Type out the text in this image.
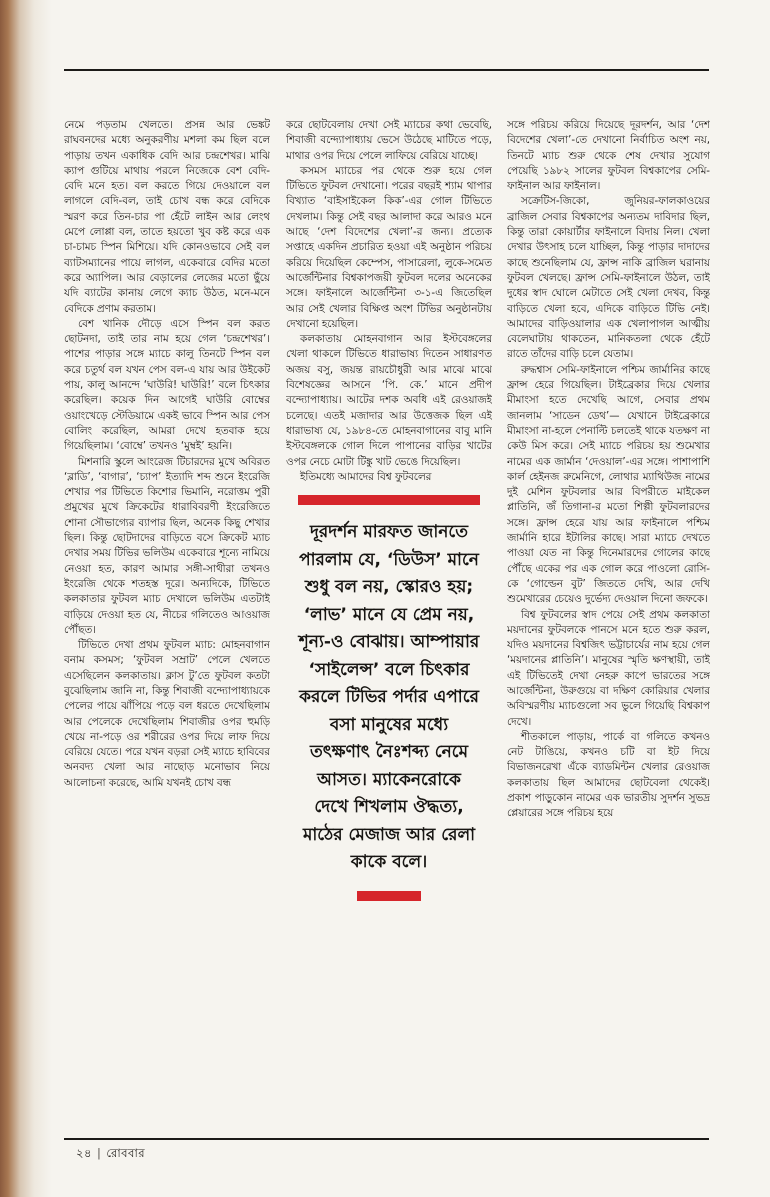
নেমে পড়তাম খেলতে। প্রসন্ন আর ভেঙ্কট রাঘবনদের মধ্যে অনুকরণীয় মশলা কম ছিল বলে পাড়ায় তখন একাধিক বেদি আর চন্দ্রশেখর। মাঝি ক্যাপ গুটিয়ে মাথায় পরলে নিজেকে বেশ বেদি-বেদি মনে হত। বল করতে গিয়ে দেওয়ালে বল লাগলে বেদি-বল, তাই চোখ বন্ধ করে বেদিকে স্মরণ করে তিন-চার পা হেঁটে লাইন আর লেংথ মেপে লোপ্পা বল, তাতে হয়তো খুব কষ্ট করে এক চা-চামচ স্পিন মিশিয়ে। যদি কোনওভাবে সেই বল ব্যাটসম্যানের পায়ে লাগল, একেবারে বেদির মতো করে অ্যাপিল। আর বেড়ালের লেজের মতো ছুঁয়ে যদি ব্যাটের কানায় লেগে ক্যাচ উঠত, মনে-মনে বেদিকে প্রণাম করতাম।

বেশ খানিক দৌড়ে এসে স্পিন বল করত ছোটনদা, তাই তার নাম হয়ে গেল ‘চন্দ্রশেখর’। পাশের পাড়ার সঙ্গে ম্যাচে কালু তিনটে স্পিন বল করে চতুর্থ বল যখন পেস বল-এ যায় আর উইকেট পায়, কালু আনন্দে ‘ঘাউরি! ঘাউরি!’ বলে চিৎকার করেছিল। কয়েক দিন আগেই ঘাউরি বোম্বের ওয়াংখেড়ে স্টেডিয়ামে একই ভাবে স্পিন আর পেস বোলিং করেছিল, আমরা দেখে হতবাক হয়ে গিয়েছিলাম। ‘বোম্বে’ তখনও ‘মুম্বই’ হয়নি।

মিশনারি স্কুলে আংরেজ টিচারদের মুখে অবিরত ‘ব্লাডি’, ‘বাগার’, ‘চ্যাপ’ ইত্যাদি শব্দ শুনে ইংরেজি শেখার পর টিভিতে কিশোর ভিমানি, নরোত্তম পুরী প্রমুখের মুখে ক্রিকেটের ধারাবিবরণী ইংরেজিতে শোনা সৌভাগ্যের ব্যাপার ছিল, অনেক কিছু শেখার ছিল। কিন্তু ছোটদাদের বাড়িতে বসে ক্রিকেট ম্যাচ দেখার সময় টিভির ভলিউম একেবারে শূন্যে নামিয়ে নেওয়া হত, কারণ আমার সঙ্গী-সাথীরা তখনও ইংরেজি থেকে শতহস্ত দূরে। অন্যদিকে, টিভিতে কলকাতার ফুটবল ম্যাচ দেখালে ভলিউম এতটাই বাড়িয়ে দেওয়া হত যে, নীচের গলিতেও আওয়াজ পৌঁছত।

টিভিতে দেখা প্রথম ফুটবল ম্যাচ: মোহনবাগান বনাম কসমস; ‘ফুটবল সম্রাট’ পেলে খেলতে এসেছিলেন কলকাতায়। ক্লাস টু’তে ফুটবল কতটা বুঝেছিলাম জানি না, কিন্তু শিবাজী বন্দ্যোপাধ্যায়কে পেলের পায়ে ঝাঁপিয়ে পড়ে বল ধরতে দেখেছিলাম আর পেলেকে দেখেছিলাম শিবাজীর ওপর হুমড়ি খেয়ে না-পড়ে ওর শরীরের ওপর দিয়ে লাফ দিয়ে বেরিয়ে যেতে। পরে যখন বড়রা সেই ম্যাচে হাবিবের অনবদ্য খেলা আর নাছোড় মনোভাব নিয়ে আলোচনা করেছে, আমি যখনই চোখ বন্ধ

করে ছোটবেলায় দেখা সেই ম্যাচের কথা ভেবেছি, শিবাজী বন্দ্যোপাধ্যায় ভেসে উঠেছে মাটিতে পড়ে, মাথার ওপর দিয়ে পেলে লাফিয়ে বেরিয়ে যাচ্ছে।

কসমস ম্যাচের পর থেকে শুরু হয়ে গেল টিভিতে ফুটবল দেখানো। পরের বছরই শ্যাম থাপার বিখ্যাত ‘বাইসাইকেল কিক’-এর গোল টিভিতে দেখলাম। কিন্তু সেই বছর আলাদা করে আরও মনে আছে ‘দেশ বিদেশের খেলা’-র জন্য। প্রত্যেক সপ্তাহে একদিন প্রচারিত হওয়া এই অনুষ্ঠান পরিচয় করিয়ে দিয়েছিল কেম্পেস, পাসারেলা, লুকে-সমেত আর্জেন্টিনার বিশ্বকাপজয়ী ফুটবল দলের অনেকের সঙ্গে। ফাইনালে আর্জেন্টিনা ৩-১-এ জিতেছিল আর সেই খেলার বিক্ষিপ্ত অংশ টিভির অনুষ্ঠানটায় দেখানো হয়েছিল।

কলকাতায় মোহনবাগান আর ইস্টবেঙ্গলের খেলা থাকলে টিভিতে ধারাভাষ্য দিতেন সাধারণত অজয় বসু, জয়ন্ত রায়চৌধুরী আর মাঝে মাঝে বিশেষজ্ঞের আসনে ‘পি. কে.’ মানে প্রদীপ বন্দ্যোপাধ্যায়। আটের দশক অবধি এই রেওয়াজই চলেছে। এতই মজাদার আর উত্তেজক ছিল এই ধারাভাষ্য যে, ১৯৮৪-তে মোহনবাগানের বাবু মানি ইস্টবেঙ্গলকে গোল দিলে পাপানের বাড়ির খাটের ওপর নেচে মোটা টিঙ্কু খাট ভেঙে দিয়েছিল।

ইতিমধ্যে আমাদের বিশ্ব ফুটবলের

দূরদর্শন মারফত জানতে পারলাম যে, ‘ডিউস’ মানে শুধু বল নয়, স্কোরও হয়; ‘লাভ’ মানে যে প্রেম নয়, শূন্য-ও বোঝায়। আম্পায়ার ‘সাইলেন্স’ বলে চিৎকার করলে টিভির পর্দার এপারে বসা মানুষের মধ্যে তৎক্ষণাৎ নৈঃশব্দ্য নেমে আসত। ম্যাকেনরোকে দেখে শিখলাম ঔদ্ধত্য, মাঠের মেজাজ আর রেলা কাকে বলে।

সঙ্গে পরিচয় করিয়ে দিয়েছে দূরদর্শন, আর ‘দেশ বিদেশের খেলা’-তে দেখানো নির্বাচিত অংশ নয়, তিনটে ম্যাচ শুরু থেকে শেষ দেখার সুযোগ পেয়েছি ১৯৮২ সালের ফুটবল বিশ্বকাপের সেমি-ফাইনাল আর ফাইনাল।

সক্রেটিস-জিকো, জুনিয়র-ফালকাওয়ের ব্রাজিল সেবার বিশ্বকাপের অন্যতম দাবিদার ছিল, কিন্তু তারা কোয়ার্টার ফাইনালে বিদায় নিল। খেলা দেখার উৎসাহ চলে যাচ্ছিল, কিন্তু পাড়ার দাদাদের কাছে শুনেছিলাম যে, ফ্রান্স নাকি ব্রাজিল ঘরানায় ফুটবল খেলছে। ফ্রান্স সেমি-ফাইনালে উঠল, তাই দুধের স্বাদ ঘোলে মেটাতে সেই খেলা দেখব, কিন্তু বাড়িতে খেলা হবে, এদিকে বাড়িতে টিভি নেই। আমাদের বাড়িওয়ালার এক খেলাপাগল আত্মীয় বেলেঘাটায় থাকতেন, মানিকতলা থেকে হেঁটে রাতে তাঁদের বাড়ি চলে যেতাম।

রুদ্ধশ্বাস সেমি-ফাইনালে পশ্চিম জার্মানির কাছে ফ্রান্স হেরে গিয়েছিল। টাইব্রেকার দিয়ে খেলার মীমাংসা হতে দেখেছি আগে, সেবার প্রথম জানলাম ‘সাডেন ডেথ’— যেখানে টাইব্রেকারে মীমাংসা না-হলে পেনাল্টি চলতেই থাকে যতক্ষণ না কেউ মিস করে। সেই ম্যাচে পরিচয় হয় শুমেখার নামের এক জার্মান ‘দেওয়াল’-এর সঙ্গে। পাশাপাশি কার্ল হেইনজ রুমেনিগে, লোথার ম্যাথিউজ নামের দুই মেশিন ফুটবলার আর বিপরীতে মাইকেল প্লাতিনি, জঁ তিগানা-র মতো শিল্পী ফুটবলারদের সঙ্গে। ফ্রান্স হেরে যায় আর ফাইনালে পশ্চিম জার্মানি হারে ইটালির কাছে। সারা ম্যাচে দেখতে পাওয়া যেত না কিন্তু দিনেমারদের গোলের কাছে পৌঁছে একের পর এক গোল করে পাওলো রোসি-কে ‘গোল্ডেন বুট’ জিততে দেখি, আর দেখি শুমেখারের চেয়েও দুর্ভেদ্য দেওয়াল দিনো জফকে।

বিশ্ব ফুটবলের স্বাদ পেয়ে সেই প্রথম কলকাতা ময়দানের ফুটবলকে পানসে মনে হতে শুরু করল, যদিও ময়দানের বিশ্বজিৎ ভট্টাচার্যের নাম হয়ে গেল ‘ময়দানের প্লাতিনি’। মানুষের স্মৃতি ক্ষণস্থায়ী, তাই এই টিভিতেই দেখা নেহরু কাপে ভারতের সঙ্গে আর্জেন্টিনা, উরুগুয়ে বা দক্ষিণ কোরিয়ার খেলার অবিস্মরণীয় ম্যাচগুলো সব ভুলে গিয়েছি বিশ্বকাপ দেখে।

শীতকালে পাড়ায়, পার্কে বা গলিতে কখনও নেট টাঙিয়ে, কখনও চটি বা ইট দিয়ে বিভাজনরেখা এঁকে ব্যাডমিন্টন খেলার রেওয়াজ কলকাতায় ছিল আমাদের ছোটবেলা থেকেই। প্রকাশ পাড়ুকোন নামের এক ভারতীয় সুদর্শন সুভদ্র প্লেয়ারের সঙ্গে পরিচয় হয়ে

২৪ | রোববার
